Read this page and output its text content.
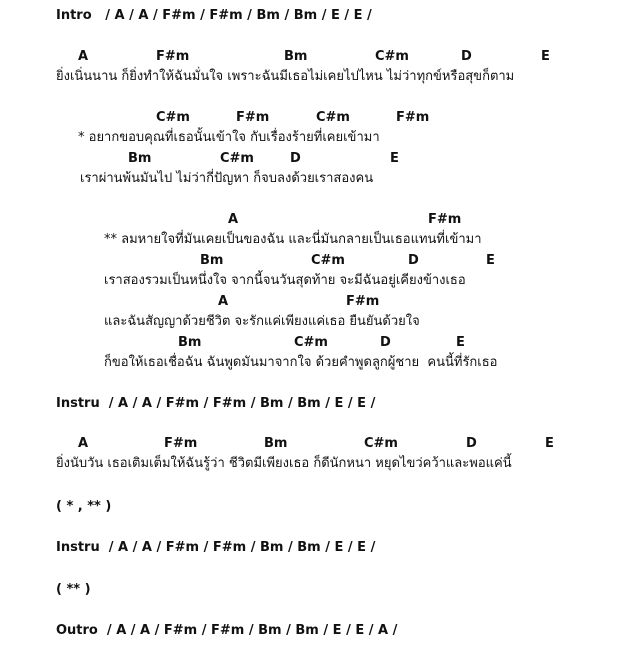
Intro   / A / A / F#m / F#m / Bm / Bm / E / E /
A	F#m	Bm	C#m	D	E
ยิ่งเนิ่นนาน ก็ยิ่งทำให้ฉันมั่นใจ เพราะฉันมีเธอไม่เคยไปไหน ไม่ว่าทุกข์หรือสุขก็ตาม
C#m	F#m	C#m	F#m
* อยากขอบคุณที่เธอนั้นเข้าใจ กับเรื่องร้ายที่เคยเข้ามา
Bm	C#m	D	E
เราผ่านพ้นมันไป ไม่ว่ากี่ปัญหา ก็จบลงด้วยเราสองคน
A	F#m
** ลมหายใจที่มันเคยเป็นของฉัน และนี่มันกลายเป็นเธอแทนที่เข้ามา
Bm	C#m	D	E
เราสองรวมเป็นหนึ่งใจ จากนี้จนวันสุดท้าย จะมีฉันอยู่เคียงข้างเธอ
A	F#m
และฉันสัญญาด้วยชีวิต จะรักแค่เพียงแค่เธอ ยืนยันด้วยใจ
Bm	C#m	D	E
ก็ขอให้เธอเชื่อฉัน ฉันพูดมันมาจากใจ ด้วยคำพูดลูกผู้ชาย  คนนี้ที่รักเธอ
Instru  / A / A / F#m / F#m / Bm / Bm / E / E /
A	F#m	Bm	C#m	D	E
ยิ่งนับวัน เธอเติมเต็มให้ฉันรู้ว่า ชีวิตมีเพียงเธอ ก็ดีนักหนา หยุดไขว่คว้าและพอแค่นี้
( * , ** )
Instru  / A / A / F#m / F#m / Bm / Bm / E / E /
( ** )
Outro  / A / A / F#m / F#m / Bm / Bm / E / E / A /
